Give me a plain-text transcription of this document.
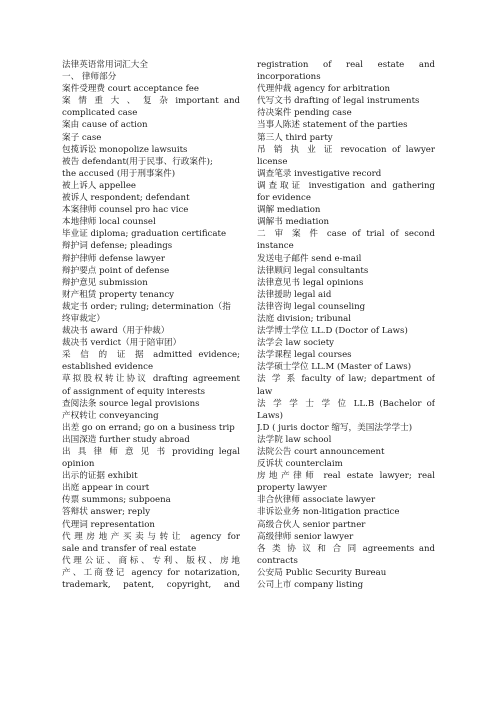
法律英语常用词汇大全
一、 律师部分
案件受理费 court acceptance fee
案 情 重 大 、 复 杂 important and
complicated case
案由 cause of action
案子 case
包揽诉讼 monopolize lawsuits
被告 defendant(用于民事、行政案件);
the accused (用于刑事案件)
被上诉人 appellee
被诉人 respondent; defendant
本案律师 counsel pro hac vice
本地律师 local counsel
毕业证 diploma; graduation certificate
辩护词 defense; pleadings
辩护律师 defense lawyer
辩护要点 point of defense
辩护意见 submission
财产租赁 property tenancy
裁定书 order; ruling; determination（指
终审裁定）
裁决书 award（用于仲裁）
裁决书 verdict（用于陪审团）
采 信 的 证 据 admitted evidence;
established evidence
草拟股权转让协议 drafting agreement
of assignment of equity interests
查阅法条 source legal provisions
产权转让 conveyancing
出差 go on errand; go on a business trip
出国深造 further study abroad
出 具 律 师 意 见 书 providing legal
opinion
出示的证据 exhibit
出庭 appear in court
传票 summons; subpoena
答辩状 answer; reply
代理词 representation
代理房地产买卖与转让 agency for
sale and transfer of real estate
代理公证、商标、专利、版权、房地
产、工商登记 agency for notarization,
trademark, patent, copyright, and
registration of real estate and
incorporations
代理仲裁 agency for arbitration
代写文书 drafting of legal instruments
待决案件 pending case
当事人陈述 statement of the parties
第三人 third party
吊 销 执 业 证 revocation of lawyer
license
调查笔录 investigative record
调查取证 investigation and gathering
for evidence
调解 mediation
调解书 mediation
二 审 案 件 case of trial of second
instance
发送电子邮件 send e-mail
法律顾问 legal consultants
法律意见书 legal opinions
法律援助 legal aid
法律咨询 legal counseling
法庭 division; tribunal
法学博士学位 LL.D (Doctor of Laws)
法学会 law society
法学课程 legal courses
法学硕士学位 LL.M (Master of Laws)
法 学 系 faculty of law; department of
law
法 学 学 士 学 位 LL.B (Bachelor of
Laws)
J.D ( juris doctor 缩写，美国法学学士)
法学院 law school
法院公告 court announcement
反诉状 counterclaim
房地产律师 real estate lawyer; real
property lawyer
非合伙律师 associate lawyer
非诉讼业务 non-litigation practice
高级合伙人 senior partner
高级律师 senior lawyer
各 类 协 议 和 合 同 agreements and
contracts
公安局 Public Security Bureau
公司上市 company listing
